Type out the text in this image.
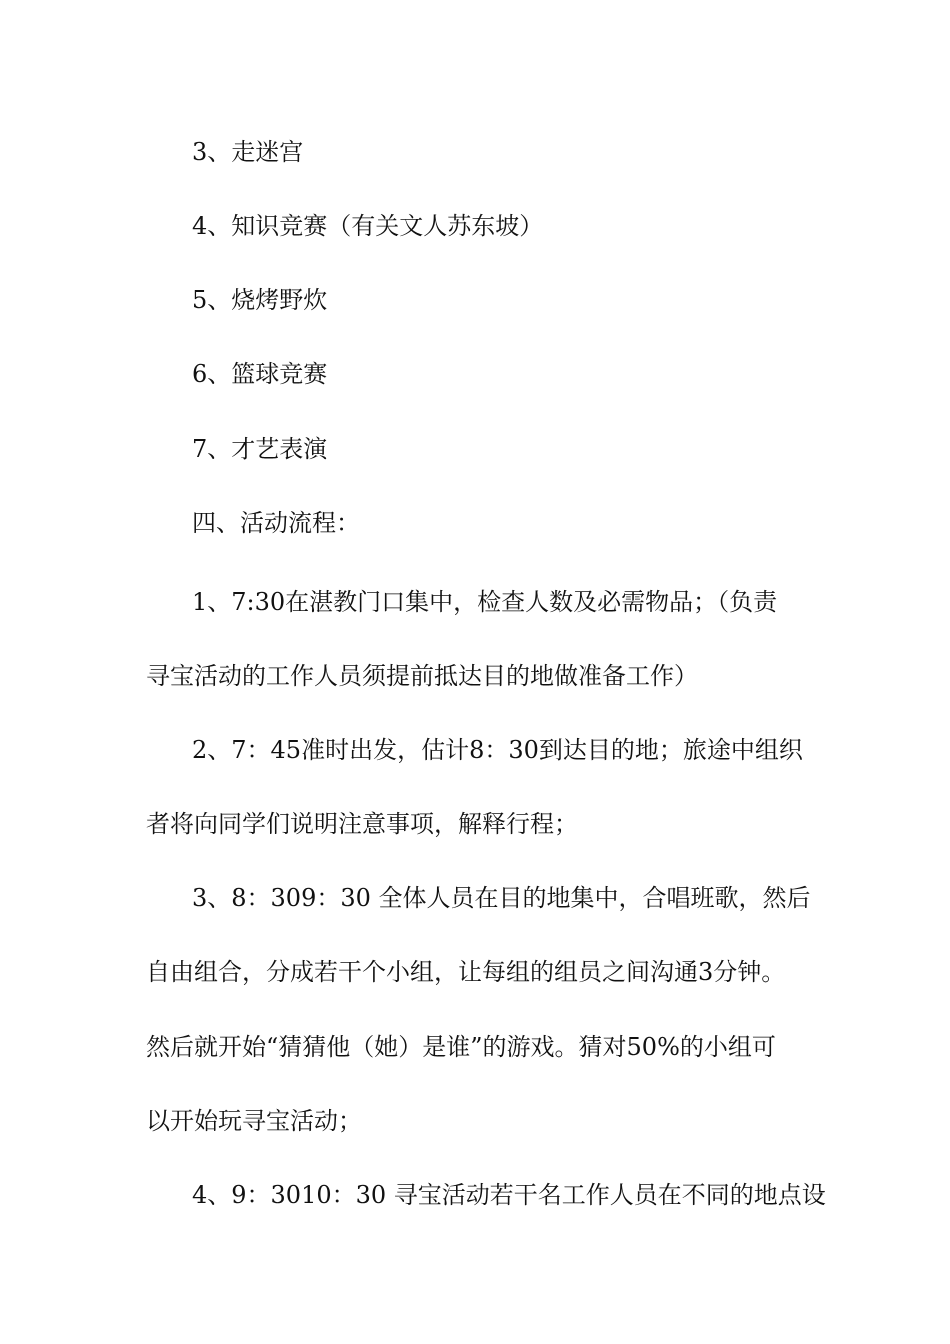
3、走迷宫
4、知识竞赛（有关文人苏东坡）
5、烧烤野炊
6、篮球竞赛
7、才艺表演
四、活动流程：
1、7:30在湛教门口集中，检查人数及必需物品；（负责
寻宝活动的工作人员须提前抵达目的地做准备工作）
2、7：45准时出发，估计8：30到达目的地；旅途中组织
者将向同学们说明注意事项，解释行程；
3、8：309：30 全体人员在目的地集中，合唱班歌，然后
自由组合，分成若干个小组，让每组的组员之间沟通3分钟。
然后就开始“猜猜他（她）是谁”的游戏。猜对50%的小组可
以开始玩寻宝活动；
4、9：3010：30 寻宝活动若干名工作人员在不同的地点设
